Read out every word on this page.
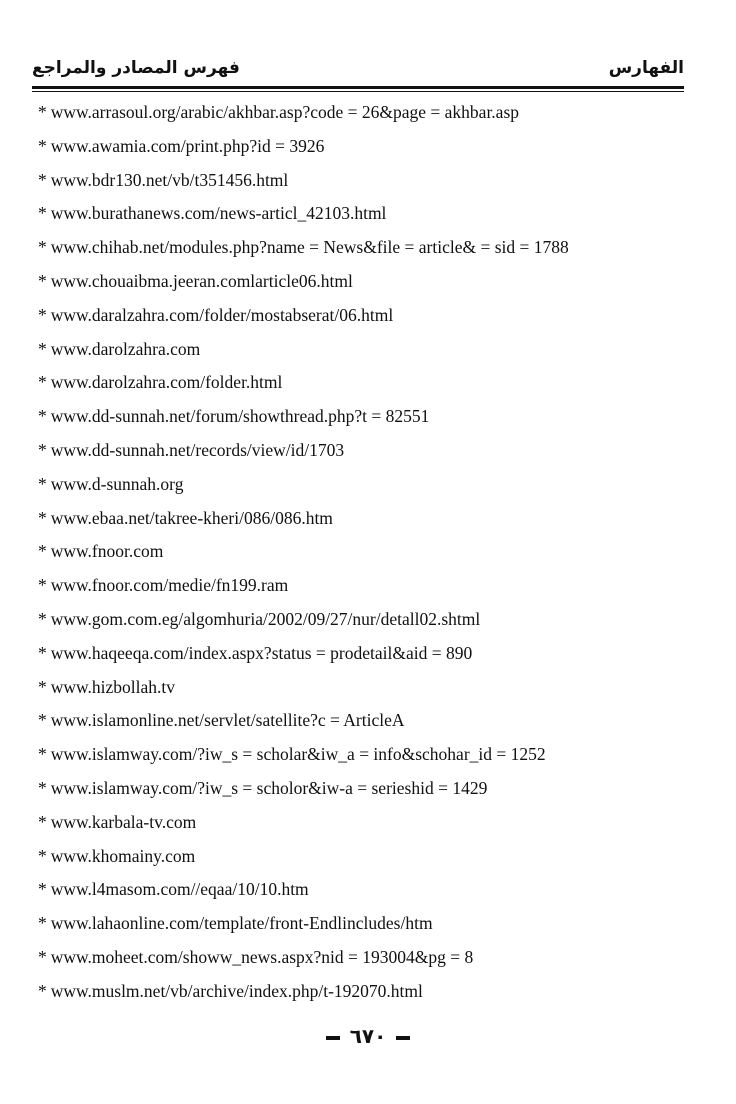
فهرس المصادر والمراجع	الفهارس
* www.arrasoul.org/arabic/akhbar.asp?code = 26&page = akhbar.asp
* www.awamia.com/print.php?id = 3926
* www.bdr130.net/vb/t351456.html
* www.burathanews.com/news-articl_42103.html
* www.chihab.net/modules.php?name = News&file = article& = sid = 1788
* www.chouaibma.jeeran.comlarticle06.html
* www.daralzahra.com/folder/mostabserat/06.html
* www.darolzahra.com
* www.darolzahra.com/folder.html
* www.dd-sunnah.net/forum/showthread.php?t = 82551
* www.dd-sunnah.net/records/view/id/1703
* www.d-sunnah.org
* www.ebaa.net/takree-kheri/086/086.htm
* www.fnoor.com
* www.fnoor.com/medie/fn199.ram
* www.gom.com.eg/algomhuria/2002/09/27/nur/detall02.shtml
* www.haqeeqa.com/index.aspx?status = prodetail&aid = 890
* www.hizbollah.tv
* www.islamonline.net/servlet/satellite?c = ArticleA
* www.islamway.com/?iw_s = scholar&iw_a = info&schohar_id = 1252
* www.islamway.com/?iw_s = scholor&iw-a = serieshid = 1429
* www.karbala-tv.com
* www.khomainy.com
* www.l4masom.com//eqaa/10/10.htm
* www.lahaonline.com/template/front-Endlincludes/htm
* www.moheet.com/showw_news.aspx?nid = 193004&pg = 8
* www.muslm.net/vb/archive/index.php/t-192070.html
٦٧٠
